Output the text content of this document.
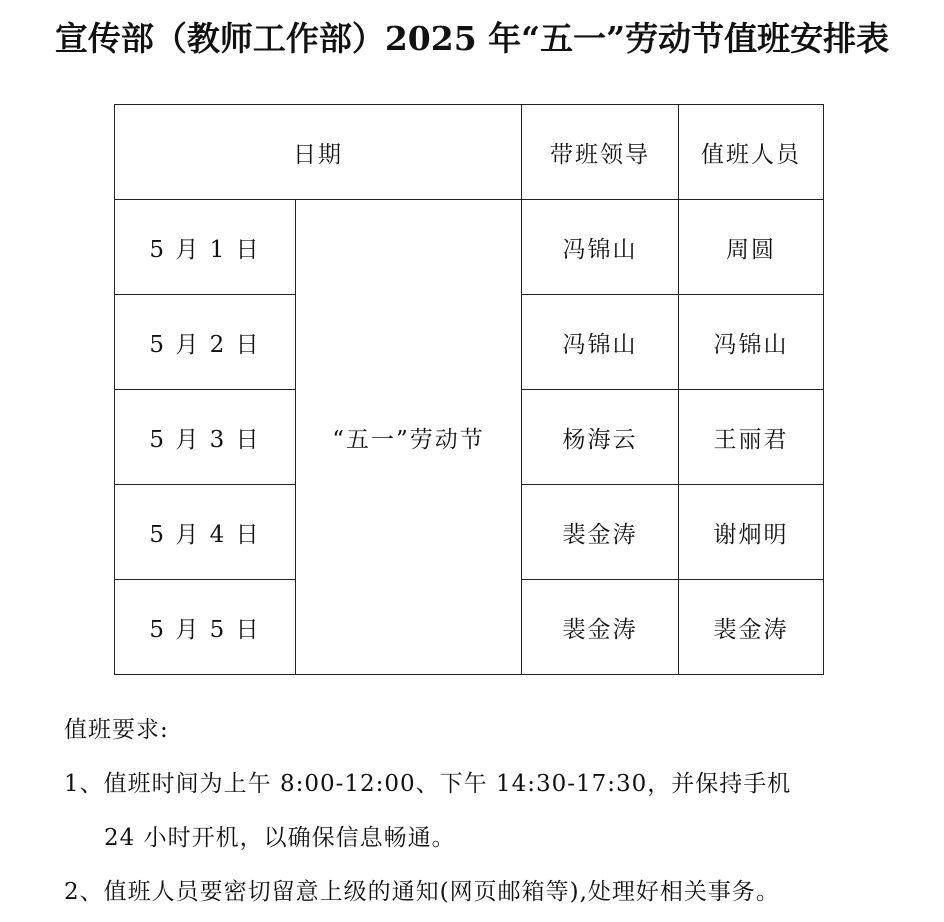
宣传部（教师工作部）2025 年“五一”劳动节值班安排表
日期		带班领导	值班人员
5 月 1 日	“五一”劳动节	冯锦山	周圆
5 月 2 日		冯锦山	冯锦山
5 月 3 日		杨海云	王丽君
5 月 4 日		裴金涛	谢炯明
5 月 5 日		裴金涛	裴金涛
值班要求:
1、值班时间为上午 8:00-12:00、下午 14:30-17:30，并保持手机
24 小时开机，以确保信息畅通。
2、值班人员要密切留意上级的通知(网页邮箱等),处理好相关事务。
